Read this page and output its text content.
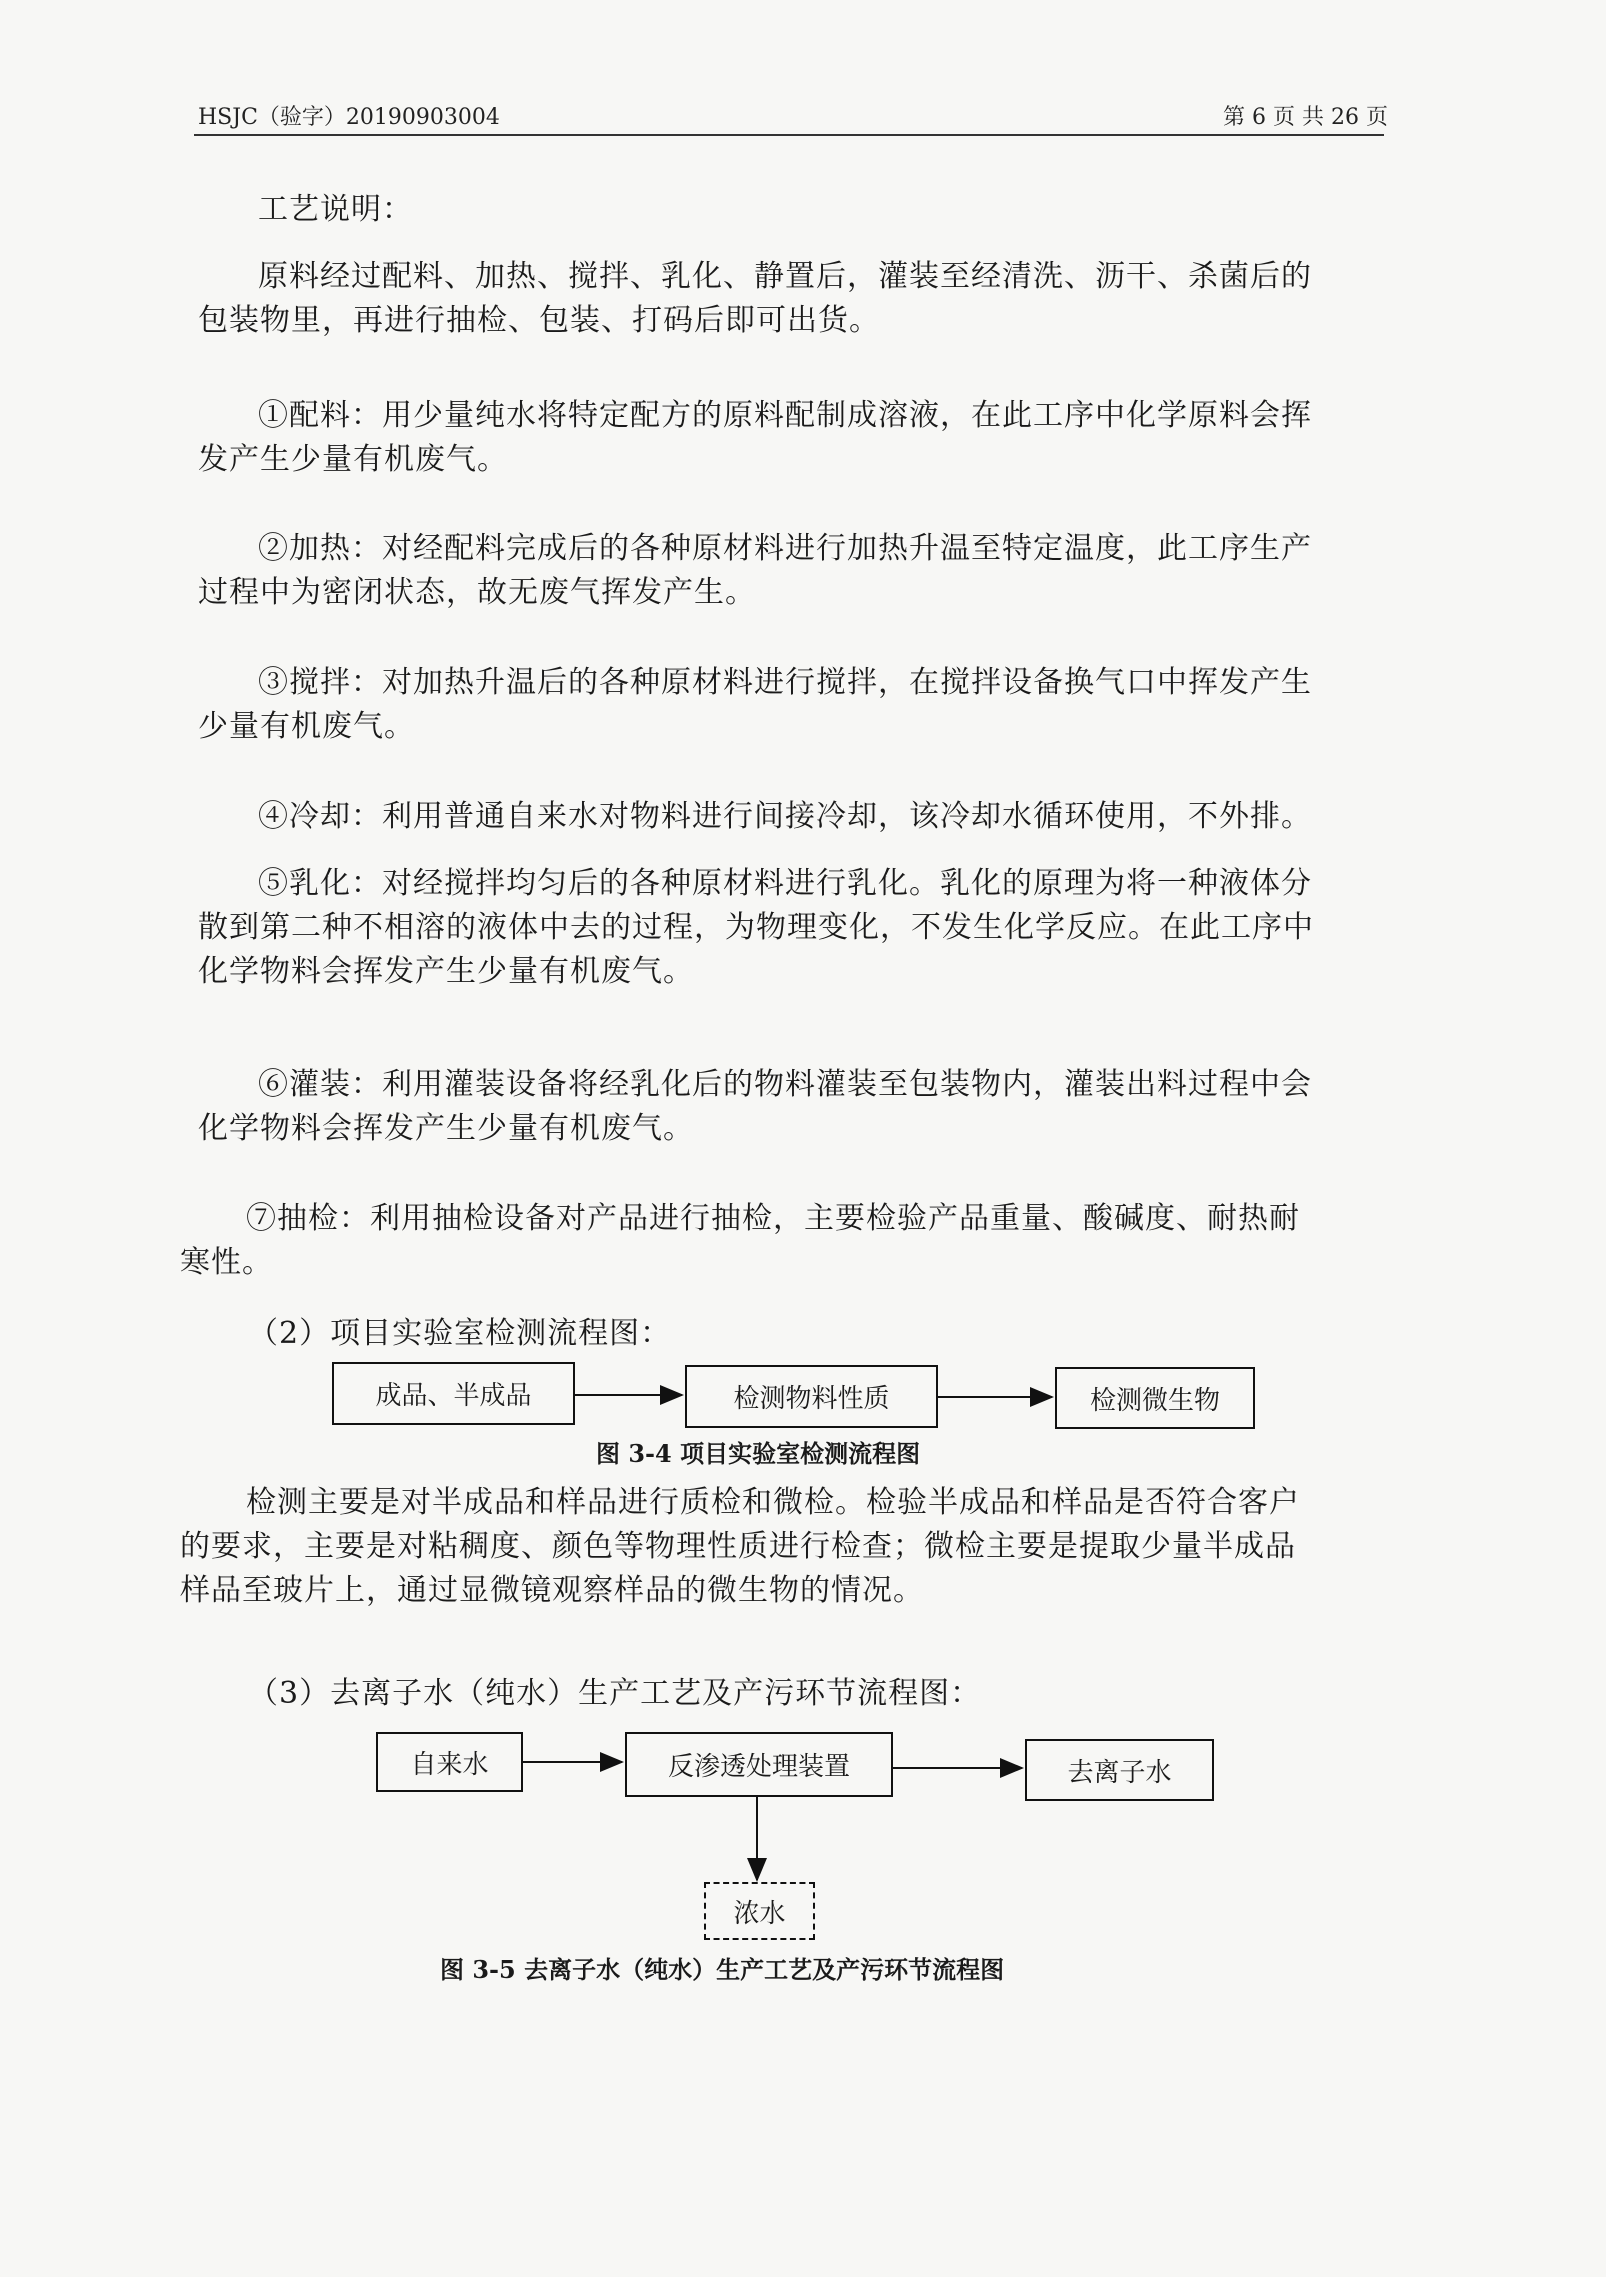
HSJC（验字）20190903004	第 6 页 共 26 页

工艺说明：

原料经过配料、加热、搅拌、乳化、静置后，灌装至经清洗、沥干、杀菌后的
包装物里，再进行抽检、包装、打码后即可出货。

①配料：用少量纯水将特定配方的原料配制成溶液，在此工序中化学原料会挥
发产生少量有机废气。

②加热：对经配料完成后的各种原材料进行加热升温至特定温度，此工序生产
过程中为密闭状态，故无废气挥发产生。

③搅拌：对加热升温后的各种原材料进行搅拌，在搅拌设备换气口中挥发产生
少量有机废气。

④冷却：利用普通自来水对物料进行间接冷却，该冷却水循环使用，不外排。

⑤乳化：对经搅拌均匀后的各种原材料进行乳化。乳化的原理为将一种液体分
散到第二种不相溶的液体中去的过程，为物理变化，不发生化学反应。在此工序中
化学物料会挥发产生少量有机废气。

⑥灌装：利用灌装设备将经乳化后的物料灌装至包装物内，灌装出料过程中会
化学物料会挥发产生少量有机废气。

⑦抽检：利用抽检设备对产品进行抽检，主要检验产品重量、酸碱度、耐热耐
寒性。

（2）项目实验室检测流程图：

成品、半成品	检测物料性质	检测微生物
图 3-4 项目实验室检测流程图

检测主要是对半成品和样品进行质检和微检。检验半成品和样品是否符合客户
的要求，主要是对粘稠度、颜色等物理性质进行检查；微检主要是提取少量半成品
样品至玻片上，通过显微镜观察样品的微生物的情况。

（3）去离子水（纯水）生产工艺及产污环节流程图：

自来水	反渗透处理装置	去离子水
浓水
图 3-5 去离子水（纯水）生产工艺及产污环节流程图
